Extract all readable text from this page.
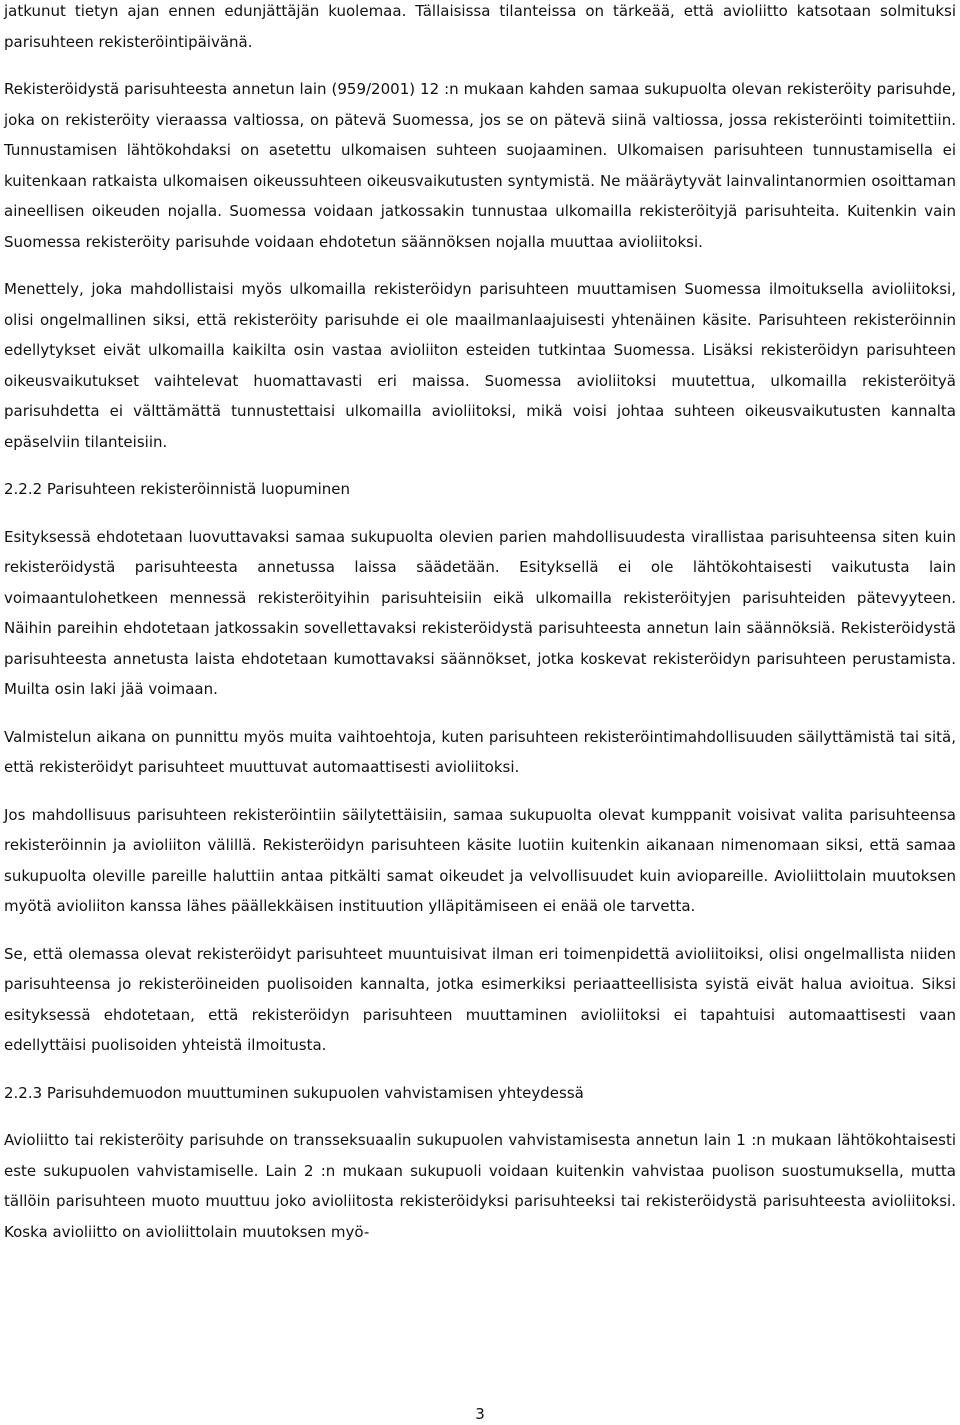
jatkunut tietyn ajan ennen edunjättäjän kuolemaa. Tällaisissa tilanteissa on tärkeää, että avioliitto katsotaan solmituksi parisuhteen rekisteröintipäivänä.

Rekisteröidystä parisuhteesta annetun lain (959/2001) 12 :n mukaan kahden samaa sukupuolta olevan rekisteröity parisuhde, joka on rekisteröity vieraassa valtiossa, on pätevä Suomessa, jos se on pätevä siinä valtiossa, jossa rekisteröinti toimitettiin. Tunnustamisen lähtökohdaksi on asetettu ulkomaisen suhteen suojaaminen. Ulkomaisen parisuhteen tunnustamisella ei kuitenkaan ratkaista ulkomaisen oikeussuhteen oikeusvaikutusten syntymistä. Ne määräytyvät lainvalintanormien osoittaman aineellisen oikeuden nojalla. Suomessa voidaan jatkossakin tunnustaa ulkomailla rekisteröityjä parisuhteita. Kuitenkin vain Suomessa rekisteröity parisuhde voidaan ehdotetun säännöksen nojalla muuttaa avioliitoksi.

Menettely, joka mahdollistaisi myös ulkomailla rekisteröidyn parisuhteen muuttamisen Suomessa ilmoituksella avioliitoksi, olisi ongelmallinen siksi, että rekisteröity parisuhde ei ole maailmanlaajuisesti yhtenäinen käsite. Parisuhteen rekisteröinnin edellytykset eivät ulkomailla kaikilta osin vastaa avioliiton esteiden tutkintaa Suomessa. Lisäksi rekisteröidyn parisuhteen oikeusvaikutukset vaihtelevat huomattavasti eri maissa. Suomessa avioliitoksi muutettua, ulkomailla rekisteröityä parisuhdetta ei välttämättä tunnustettaisi ulkomailla avioliitoksi, mikä voisi johtaa suhteen oikeusvaikutusten kannalta epäselviin tilanteisiin.

2.2.2 Parisuhteen rekisteröinnistä luopuminen

Esityksessä ehdotetaan luovuttavaksi samaa sukupuolta olevien parien mahdollisuudesta virallistaa parisuhteensa siten kuin rekisteröidystä parisuhteesta annetussa laissa säädetään. Esityksellä ei ole lähtökohtaisesti vaikutusta lain voimaantulohetkeen mennessä rekisteröityihin parisuhteisiin eikä ulkomailla rekisteröityjen parisuhteiden pätevyyteen. Näihin pareihin ehdotetaan jatkossakin sovellettavaksi rekisteröidystä parisuhteesta annetun lain säännöksiä. Rekisteröidystä parisuhteesta annetusta laista ehdotetaan kumottavaksi säännökset, jotka koskevat rekisteröidyn parisuhteen perustamista. Muilta osin laki jää voimaan.

Valmistelun aikana on punnittu myös muita vaihtoehtoja, kuten parisuhteen rekisteröintimahdollisuuden säilyttämistä tai sitä, että rekisteröidyt parisuhteet muuttuvat automaattisesti avioliitoksi.

Jos mahdollisuus parisuhteen rekisteröintiin säilytettäisiin, samaa sukupuolta olevat kumppanit voisivat valita parisuhteensa rekisteröinnin ja avioliiton välillä. Rekisteröidyn parisuhteen käsite luotiin kuitenkin aikanaan nimenomaan siksi, että samaa sukupuolta oleville pareille haluttiin antaa pitkälti samat oikeudet ja velvollisuudet kuin aviopareille. Avioliittolain muutoksen myötä avioliiton kanssa lähes päällekkäisen instituution ylläpitämiseen ei enää ole tarvetta.

Se, että olemassa olevat rekisteröidyt parisuhteet muuntuisivat ilman eri toimenpidettä avioliitoiksi, olisi ongelmallista niiden parisuhteensa jo rekisteröineiden puolisoiden kannalta, jotka esimerkiksi periaatteellisista syistä eivät halua avioitua. Siksi esityksessä ehdotetaan, että rekisteröidyn parisuhteen muuttaminen avioliitoksi ei tapahtuisi automaattisesti vaan edellyttäisi puolisoiden yhteistä ilmoitusta.

2.2.3 Parisuhdemuodon muuttuminen sukupuolen vahvistamisen yhteydessä

Avioliitto tai rekisteröity parisuhde on transseksuaalin sukupuolen vahvistamisesta annetun lain 1 :n mukaan lähtökohtaisesti este sukupuolen vahvistamiselle. Lain 2 :n mukaan sukupuoli voidaan kuitenkin vahvistaa puolison suostumuksella, mutta tällöin parisuhteen muoto muuttuu joko avioliitosta rekisteröidyksi parisuhteeksi tai rekisteröidystä parisuhteesta avioliitoksi. Koska avioliitto on avioliittolain muutoksen myö-

3
